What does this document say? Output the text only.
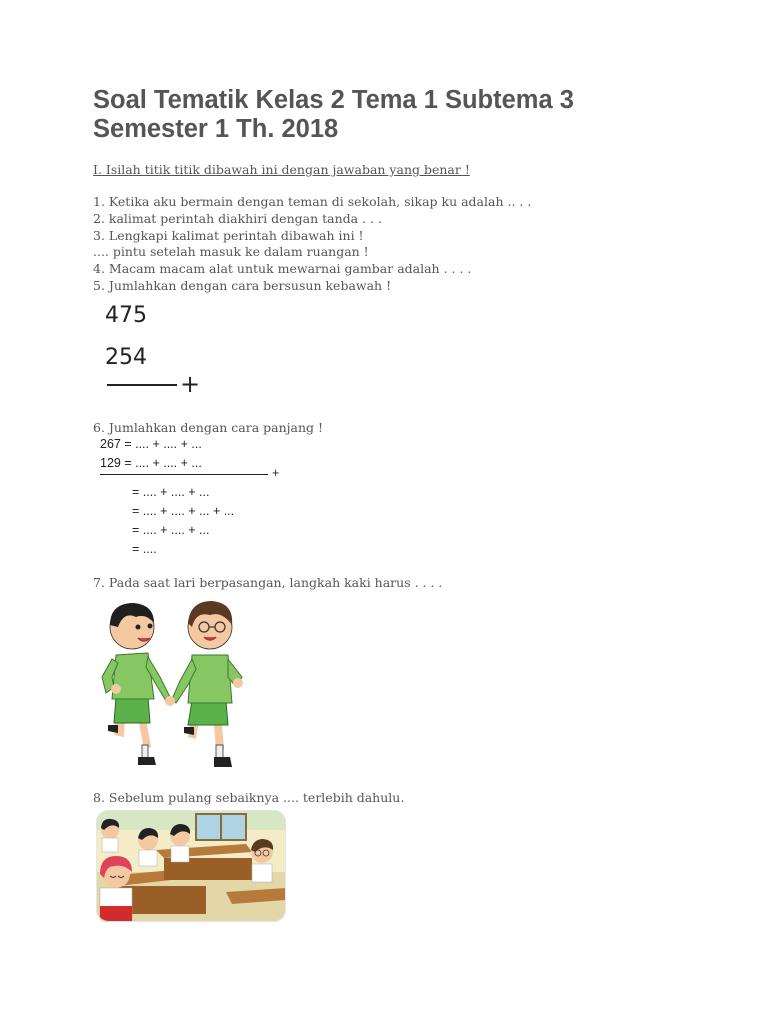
Soal Tematik Kelas 2 Tema 1 Subtema 3
Semester 1 Th. 2018
I. Isilah titik titik dibawah ini dengan jawaban yang benar !
1. Ketika aku bermain dengan teman di sekolah, sikap ku adalah .. . .
2. kalimat perintah diakhiri dengan tanda . . .
3. Lengkapi kalimat perintah dibawah ini !
.... pintu setelah masuk ke dalam ruangan !
4. Macam macam alat untuk mewarnai gambar adalah . . . .
5. Jumlahkan dengan cara bersusun kebawah !
475
254
+
6. Jumlahkan dengan cara panjang !
267 = .... + .... + ...
129 = .... + .... + ...
+
= .... + .... + ...
= .... + .... + ... + ...
= .... + .... + ...
= ....
7. Pada saat lari berpasangan, langkah kaki harus . . . .
8. Sebelum pulang sebaiknya .... terlebih dahulu.
